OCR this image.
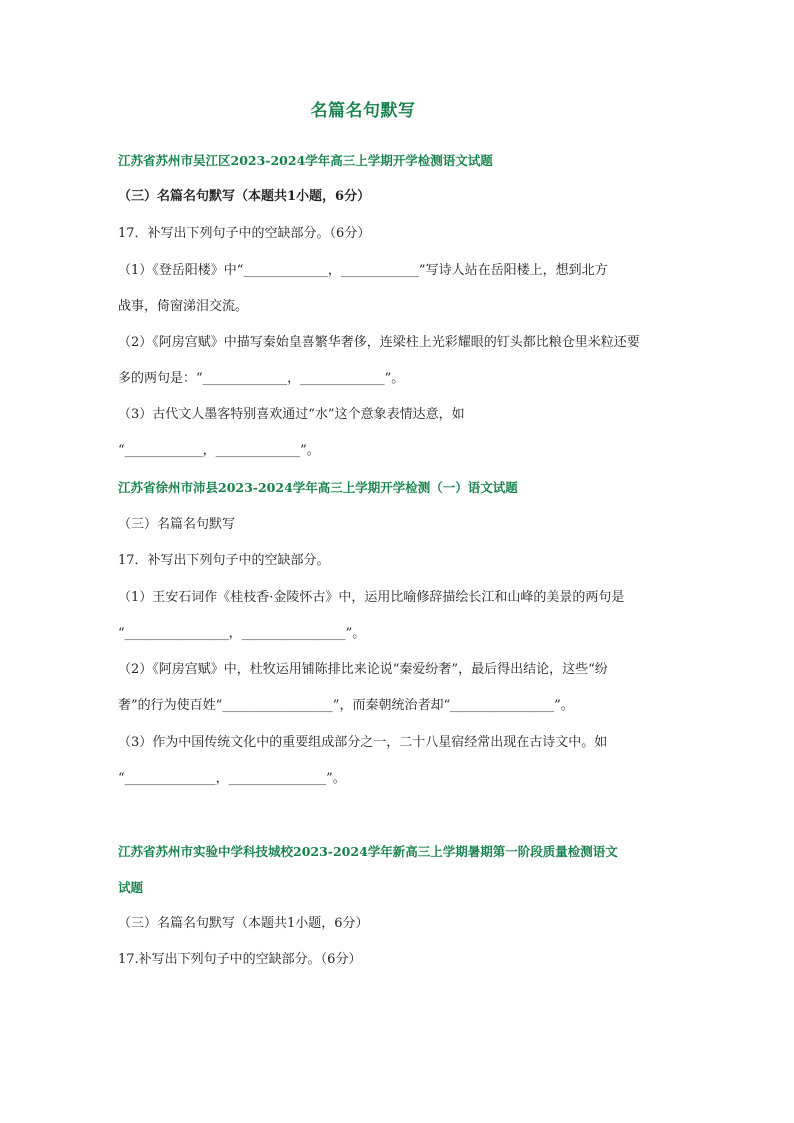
名篇名句默写
江苏省苏州市吴江区2023-2024学年高三上学期开学检测语文试题
（三）名篇名句默写（本题共1小题，6分）
17．补写出下列句子中的空缺部分。（6分）
（1）《登岳阳楼》中“_____________，____________”写诗人站在岳阳楼上，想到北方
战事，倚窗涕泪交流。
（2）《阿房宫赋》中描写秦始皇喜繁华奢侈，连梁柱上光彩耀眼的钉头都比粮仓里米粒还要
多的两句是：“_____________，_____________”。
（3）古代文人墨客特别喜欢通过“水”这个意象表情达意，如
“____________，_____________”。
江苏省徐州市沛县2023-2024学年高三上学期开学检测（一）语文试题
（三）名篇名句默写
17．补写出下列句子中的空缺部分。
（1）王安石词作《桂枝香·金陵怀古》中，运用比喻修辞描绘长江和山峰的美景的两句是
“________________，________________”。
（2）《阿房宫赋》中，杜牧运用铺陈排比来论说“秦爱纷奢”，最后得出结论，这些“纷
奢”的行为使百姓“_________________”，而秦朝统治者却“________________”。
（3）作为中国传统文化中的重要组成部分之一，二十八星宿经常出现在古诗文中。如
“______________，_______________”。
江苏省苏州市实验中学科技城校2023-2024学年新高三上学期暑期第一阶段质量检测语文
试题
（三）名篇名句默写（本题共1小题，6分）
17.补写出下列句子中的空缺部分。（6分）
